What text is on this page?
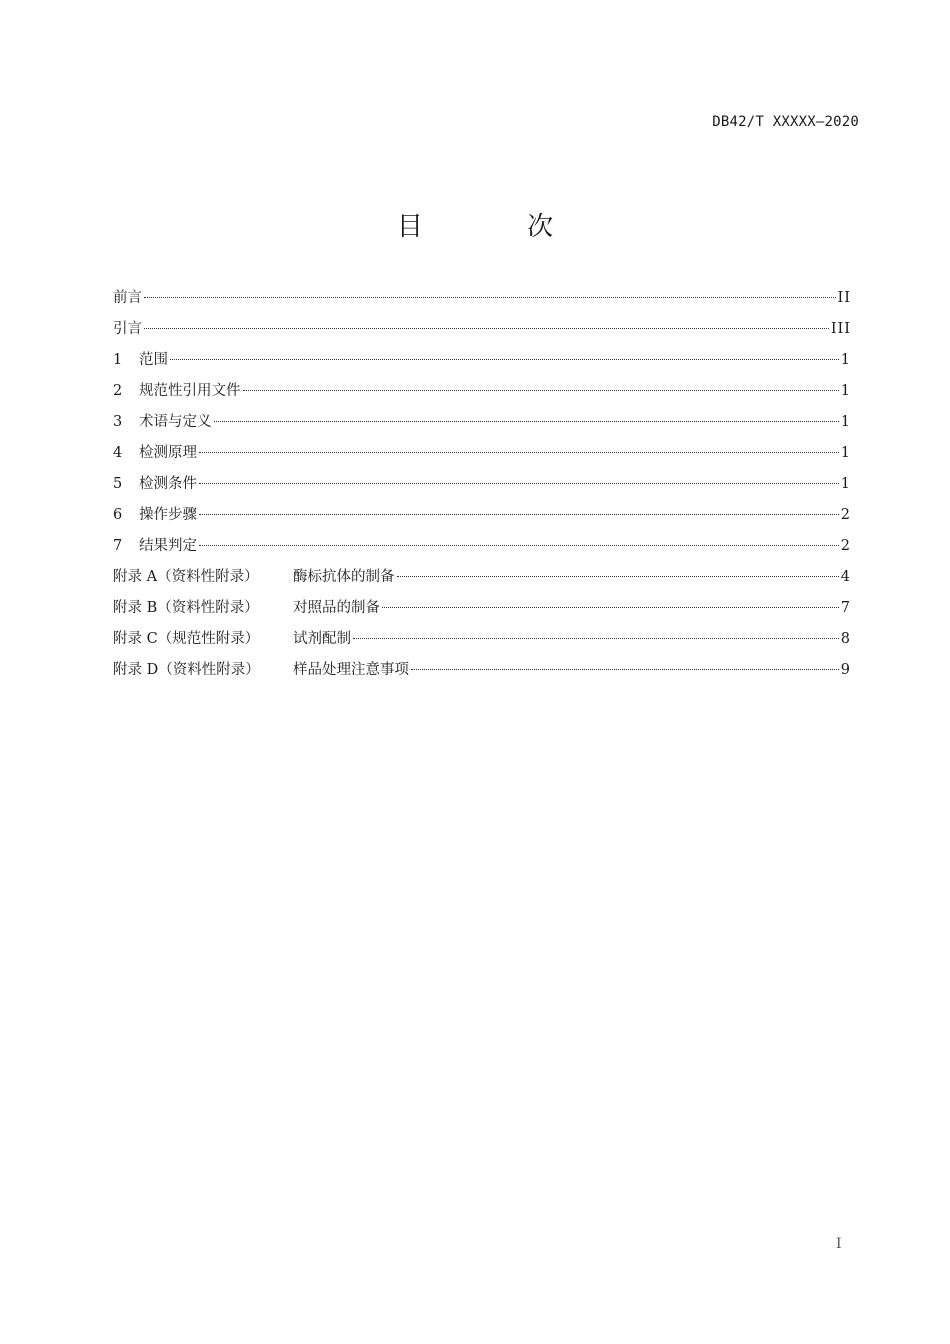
DB42/T XXXXX—2020
目 次
前言	II
引言	III
1 范围	1
2 规范性引用文件	1
3 术语与定义	1
4 检测原理	1
5 检测条件	1
6 操作步骤	2
7 结果判定	2
附录 A（资料性附录） 酶标抗体的制备	4
附录 B（资料性附录） 对照品的制备	7
附录 C（规范性附录） 试剂配制	8
附录 D（资料性附录） 样品处理注意事项	9
I
